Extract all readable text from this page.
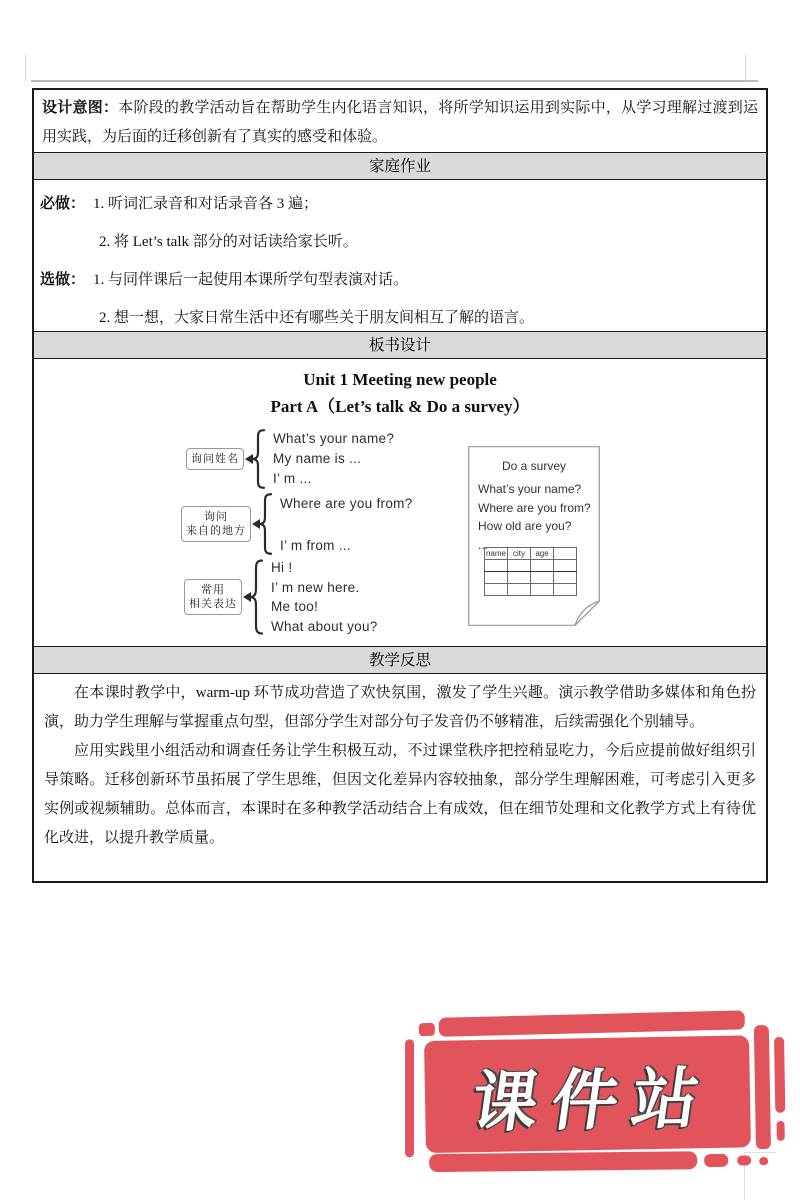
设计意图：本阶段的教学活动旨在帮助学生内化语言知识，将所学知识运用到实际中，从学习理解过渡到运用实践，为后面的迁移创新有了真实的感受和体验。
家庭作业
必做： 1. 听词汇录音和对话录音各 3 遍；
2. 将 Let’s talk 部分的对话读给家长听。
选做： 1. 与同伴课后一起使用本课所学句型表演对话。
2. 想一想，大家日常生活中还有哪些关于朋友间相互了解的语言。
板书设计
Unit 1 Meeting new people
Part A（Let’s talk & Do a survey）
询问姓名
What’s your name?
My name is ...
I’ m ...
询问
来自的地方
Where are you from?
I’ m from ...
常用
相关表达
Hi !
I’ m new here.
Me too!
What about you?
Do a survey
What’s your name?
Where are you from?
How old are you?
...
name	city	age	

教学反思

在本课时教学中，warm-up 环节成功营造了欢快氛围，激发了学生兴趣。演示教学借助多媒体和角色扮演，助力学生理解与掌握重点句型，但部分学生对部分句子发音仍不够精准，后续需强化个别辅导。

应用实践里小组活动和调查任务让学生积极互动，不过课堂秩序把控稍显吃力，今后应提前做好组织引导策略。迁移创新环节虽拓展了学生思维，但因文化差异内容较抽象，部分学生理解困难，可考虑引入更多实例或视频辅助。总体而言，本课时在多种教学活动结合上有成效，但在细节处理和文化教学方式上有待优化改进，以提升教学质量。

课件站
